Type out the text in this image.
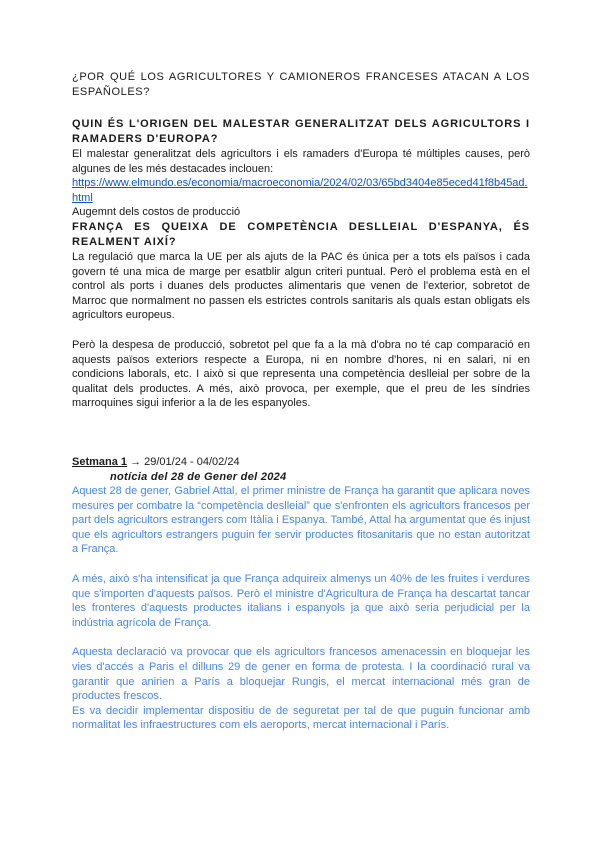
¿POR QUÉ LOS AGRICULTORES Y CAMIONEROS FRANCESES ATACAN A LOS ESPAÑOLES?
QUIN ÉS L'ORIGEN DEL MALESTAR GENERALITZAT DELS AGRICULTORS I RAMADERS D'EUROPA?

El malestar generalitzat dels agricultors i els ramaders d'Europa té múltiples causes, però algunes de les més destacades inclouen:

https://www.elmundo.es/economia/macroeconomia/2024/02/03/65bd3404e85eced41f8b45ad.html

Augemnt dels costos de producció

FRANÇA ES QUEIXA DE COMPETÈNCIA DESLLEIAL D'ESPANYA, ÉS REALMENT AIXÍ?

La regulació que marca la UE per als ajuts de la PAC és única per a tots els països i cada govern té una mica de marge per esatblir algun criteri puntual. Però el problema està en el control als ports i duanes dels productes alimentaris que venen de l'exterior, sobretot de Marroc que normalment no passen els estrictes controls sanitaris als quals estan obligats els agricultors europeus.

Però la despesa de producció, sobretot pel que fa a la mà d'obra no té cap comparació en aquests països exteriors respecte a Europa, ni en nombre d'hores, ni en salari, ni en condicions laborals, etc. I això si que representa una competència deslleial per sobre de la qualitat dels productes. A més, això provoca, per exemple, que el preu de les síndries marroquines sigui inferior a la de les espanyoles.

Setmana 1 → 29/01/24 - 04/02/24
notícia del 28 de Gener del 2024

Aquest 28 de gener, Gabriel Attal, el primer ministre de França ha garantit que aplicara noves mesures per combatre la “competència deslleial” que s'enfronten els agricultors francesos per part dels agricultors estrangers com Itàlia i Espanya. També, Attal ha argumentat que és injust que els agricultors estrangers puguin fer servir productes fitosanitaris que no estan autoritzat a França.

A més, això s'ha intensificat ja que França adquireix almenys un 40% de les fruites i verdures que s'importen d'aquests països. Però el ministre d'Agricultura de França ha descartat tancar les fronteres d'aquests productes italians i espanyols ja que això seria perjudicial per la indústria agrícola de França.

Aquesta declaració va provocar que els agricultors francesos amenacessin en bloquejar les vies d'accés a Paris el dilluns 29 de gener en forma de protesta. I la coordinació rural va garantir que anirien a París a bloquejar Rungis, el mercat internacional més gran de productes frescos.

Es va decidir implementar dispositiu de de seguretat per tal de que puguin funcionar amb normalitat les infraestructures com els aeroports, mercat internacional i París.
